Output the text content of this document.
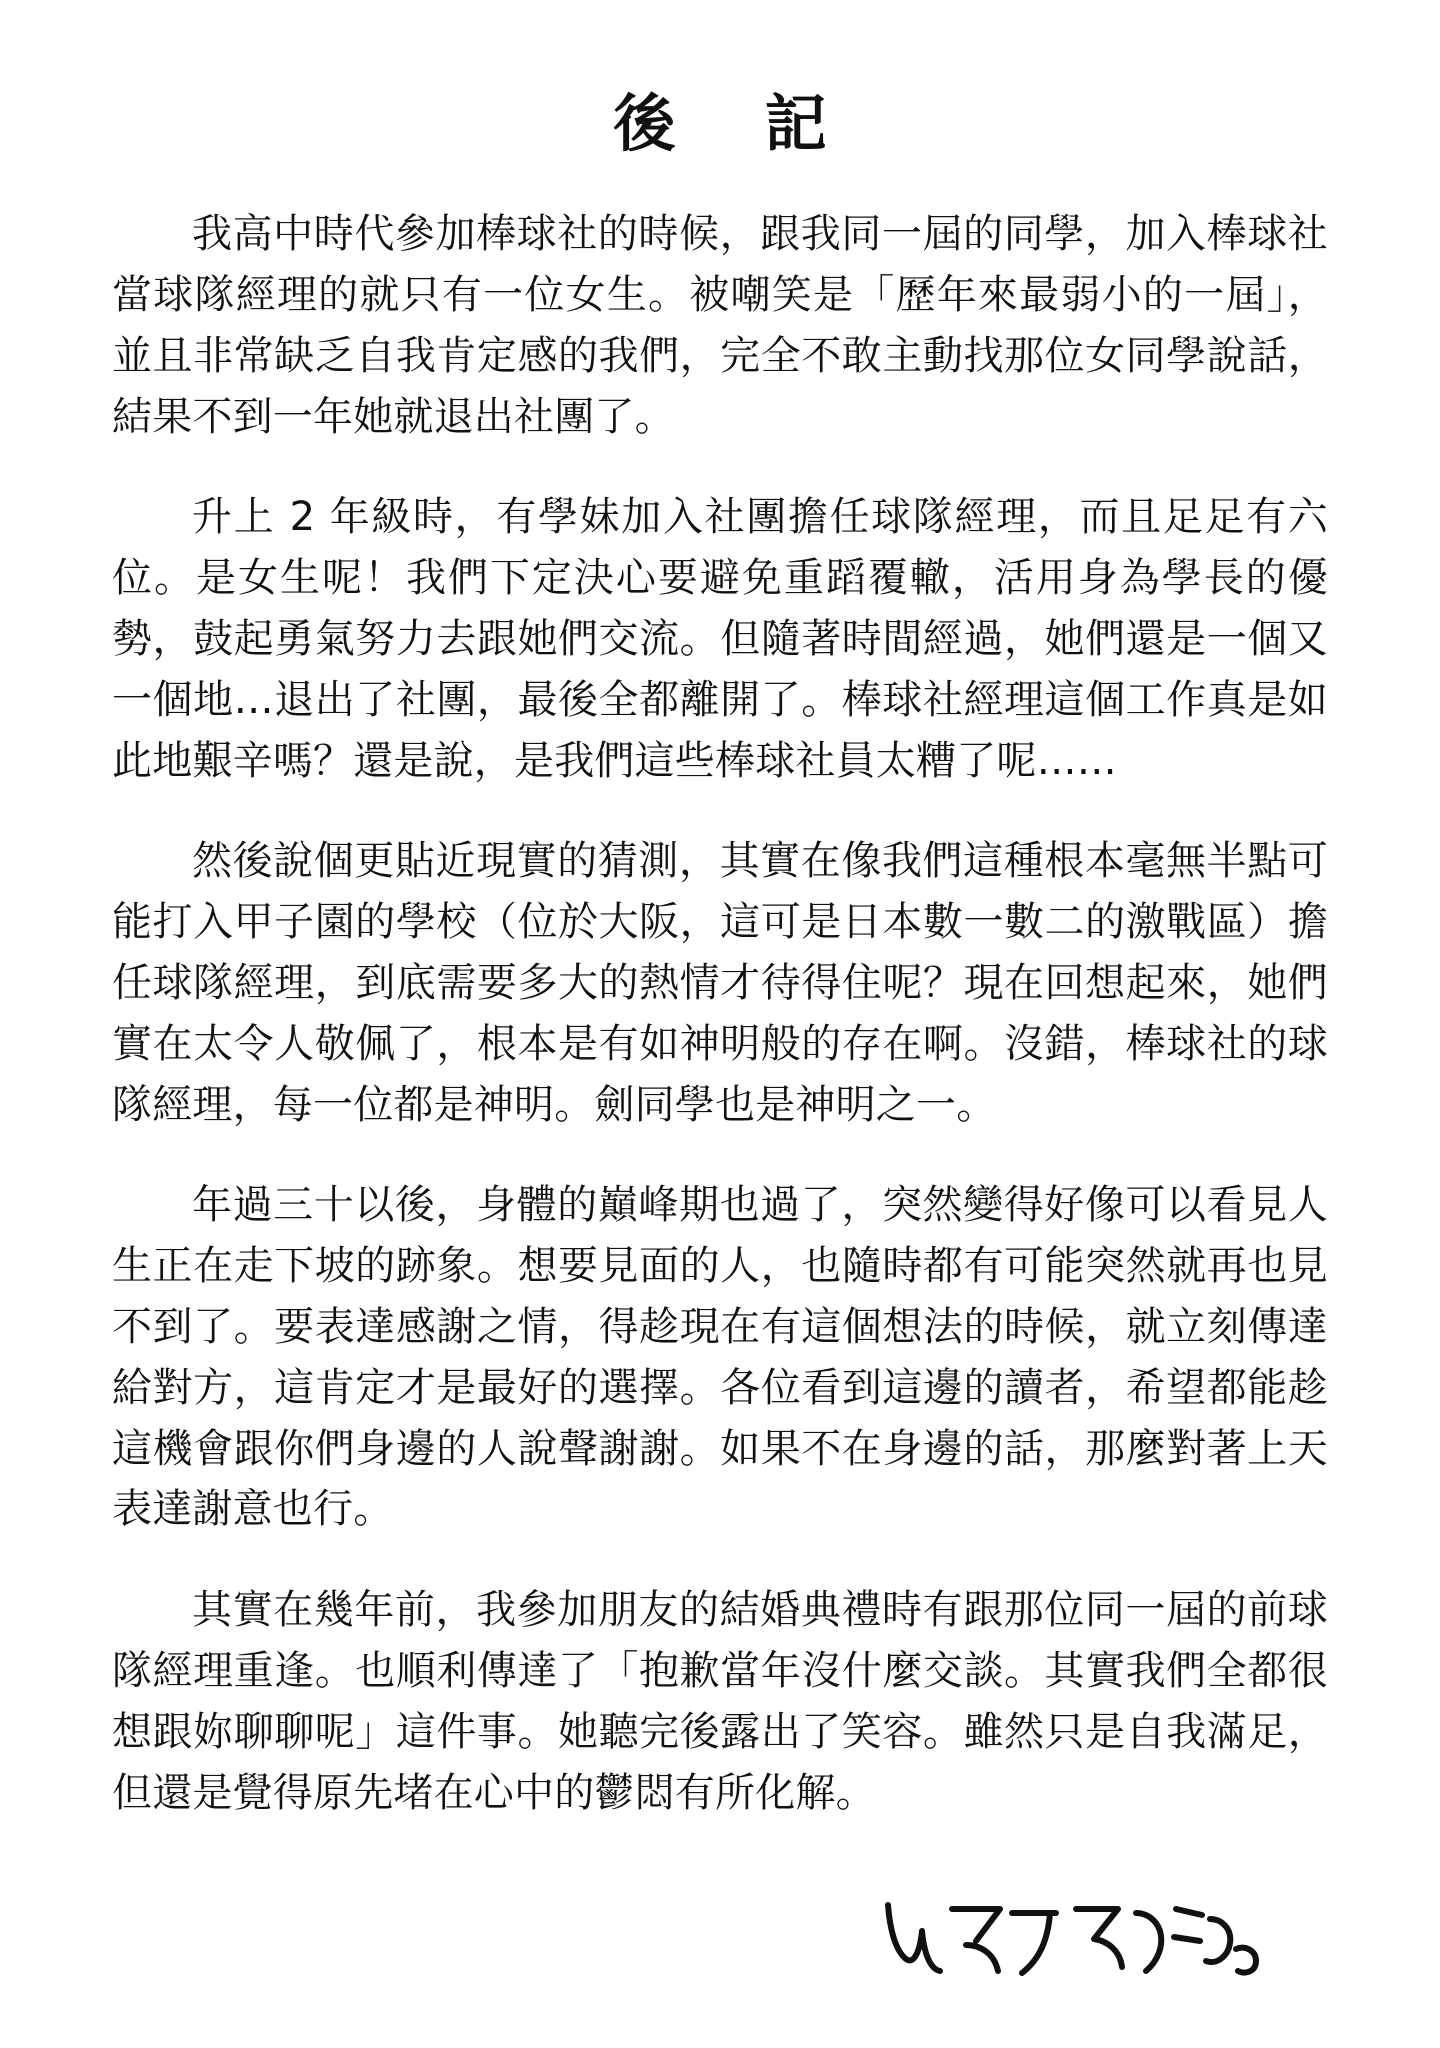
後　記

我高中時代參加棒球社的時候，跟我同一屆的同學，加入棒球社當球隊經理的就只有一位女生。被嘲笑是「歷年來最弱小的一屆」，並且非常缺乏自我肯定感的我們，完全不敢主動找那位女同學說話，結果不到一年她就退出社團了。

升上 2 年級時，有學妹加入社團擔任球隊經理，而且足足有六位。是女生呢！我們下定決心要避免重蹈覆轍，活用身為學長的優勢，鼓起勇氣努力去跟她們交流。但隨著時間經過，她們還是一個又一個地…退出了社團，最後全都離開了。棒球社經理這個工作真是如此地艱辛嗎？還是說，是我們這些棒球社員太糟了呢……

然後說個更貼近現實的猜測，其實在像我們這種根本毫無半點可能打入甲子園的學校（位於大阪，這可是日本數一數二的激戰區）擔任球隊經理，到底需要多大的熱情才待得住呢？現在回想起來，她們實在太令人敬佩了，根本是有如神明般的存在啊。沒錯，棒球社的球隊經理，每一位都是神明。劍同學也是神明之一。

年過三十以後，身體的巔峰期也過了，突然變得好像可以看見人生正在走下坡的跡象。想要見面的人，也隨時都有可能突然就再也見不到了。要表達感謝之情，得趁現在有這個想法的時候，就立刻傳達給對方，這肯定才是最好的選擇。各位看到這邊的讀者，希望都能趁這機會跟你們身邊的人說聲謝謝。如果不在身邊的話，那麼對著上天表達謝意也行。

其實在幾年前，我參加朋友的結婚典禮時有跟那位同一屆的前球隊經理重逢。也順利傳達了「抱歉當年沒什麼交談。其實我們全都很想跟妳聊聊呢」這件事。她聽完後露出了笑容。雖然只是自我滿足，但還是覺得原先堵在心中的鬱悶有所化解。
